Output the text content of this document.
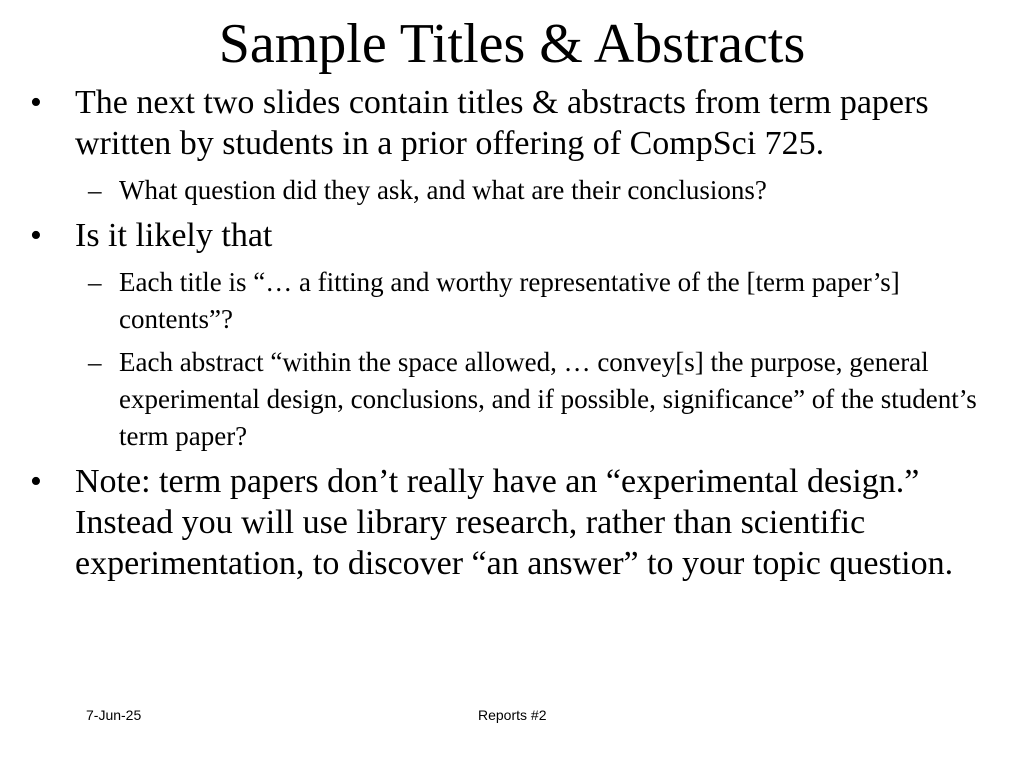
Sample Titles & Abstracts
• The next two slides contain titles & abstracts from term papers written by students in a prior offering of CompSci 725.
– What question did they ask, and what are their conclusions?
• Is it likely that
– Each title is “… a fitting and worthy representative of the [term paper’s] contents”?
– Each abstract “within the space allowed, … convey[s] the purpose, general experimental design, conclusions, and if possible, significance” of the student’s term paper?
• Note: term papers don’t really have an “experimental design.” Instead you will use library research, rather than scientific experimentation, to discover “an answer” to your topic question.
7-Jun-25	Reports #2
